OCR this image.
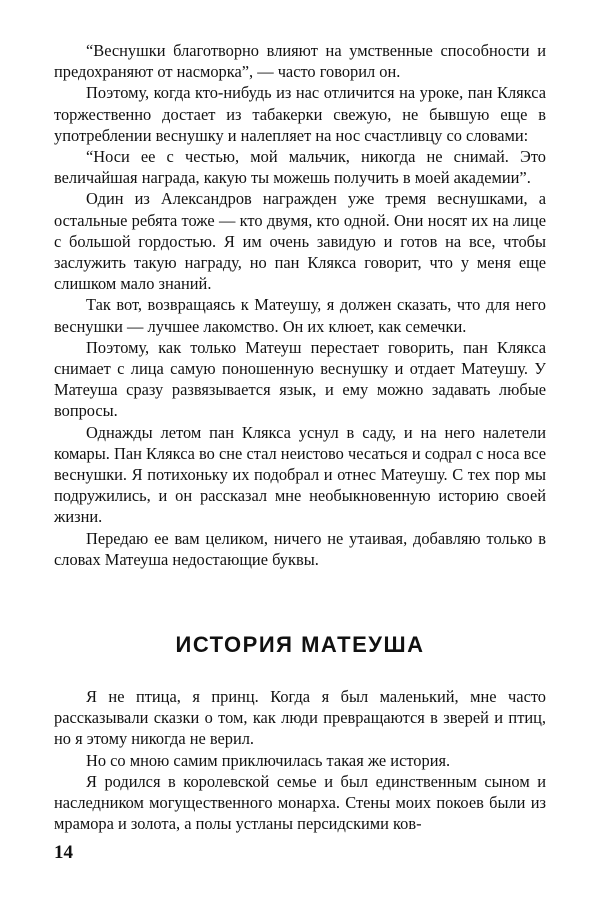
“Веснушки благотворно влияют на умственные способности и предохраняют от насморка”, — часто говорил он.

Поэтому, когда кто-нибудь из нас отличится на уроке, пан Клякса торжественно достает из табакерки свежую, не бывшую еще в употреблении веснушку и налепляет на нос счастливцу со словами:

“Носи ее с честью, мой мальчик, никогда не снимай. Это величайшая награда, какую ты можешь получить в моей академии”.

Один из Александров награжден уже тремя веснушками, а остальные ребята тоже — кто двумя, кто одной. Они носят их на лице с большой гордостью. Я им очень завидую и готов на все, чтобы заслужить такую награду, но пан Клякса говорит, что у меня еще слишком мало знаний.

Так вот, возвращаясь к Матеушу, я должен сказать, что для него веснушки — лучшее лакомство. Он их клюет, как семечки.

Поэтому, как только Матеуш перестает говорить, пан Клякса снимает с лица самую поношенную веснушку и отдает Матеушу. У Матеуша сразу развязывается язык, и ему можно задавать любые вопросы.

Однажды летом пан Клякса уснул в саду, и на него налетели комары. Пан Клякса во сне стал неистово чесаться и содрал с носа все веснушки. Я потихоньку их подобрал и отнес Матеушу. С тех пор мы подружились, и он рассказал мне необыкновенную историю своей жизни.

Передаю ее вам целиком, ничего не утаивая, добавляю только в словах Матеуша недостающие буквы.

ИСТОРИЯ МАТЕУША

Я не птица, я принц. Когда я был маленький, мне часто рассказывали сказки о том, как люди превращаются в зверей и птиц, но я этому никогда не верил.

Но со мною самим приключилась такая же история.

Я родился в королевской семье и был единственным сыном и наследником могущественного монарха. Стены моих покоев были из мрамора и золота, а полы устланы персидскими ков-

14
